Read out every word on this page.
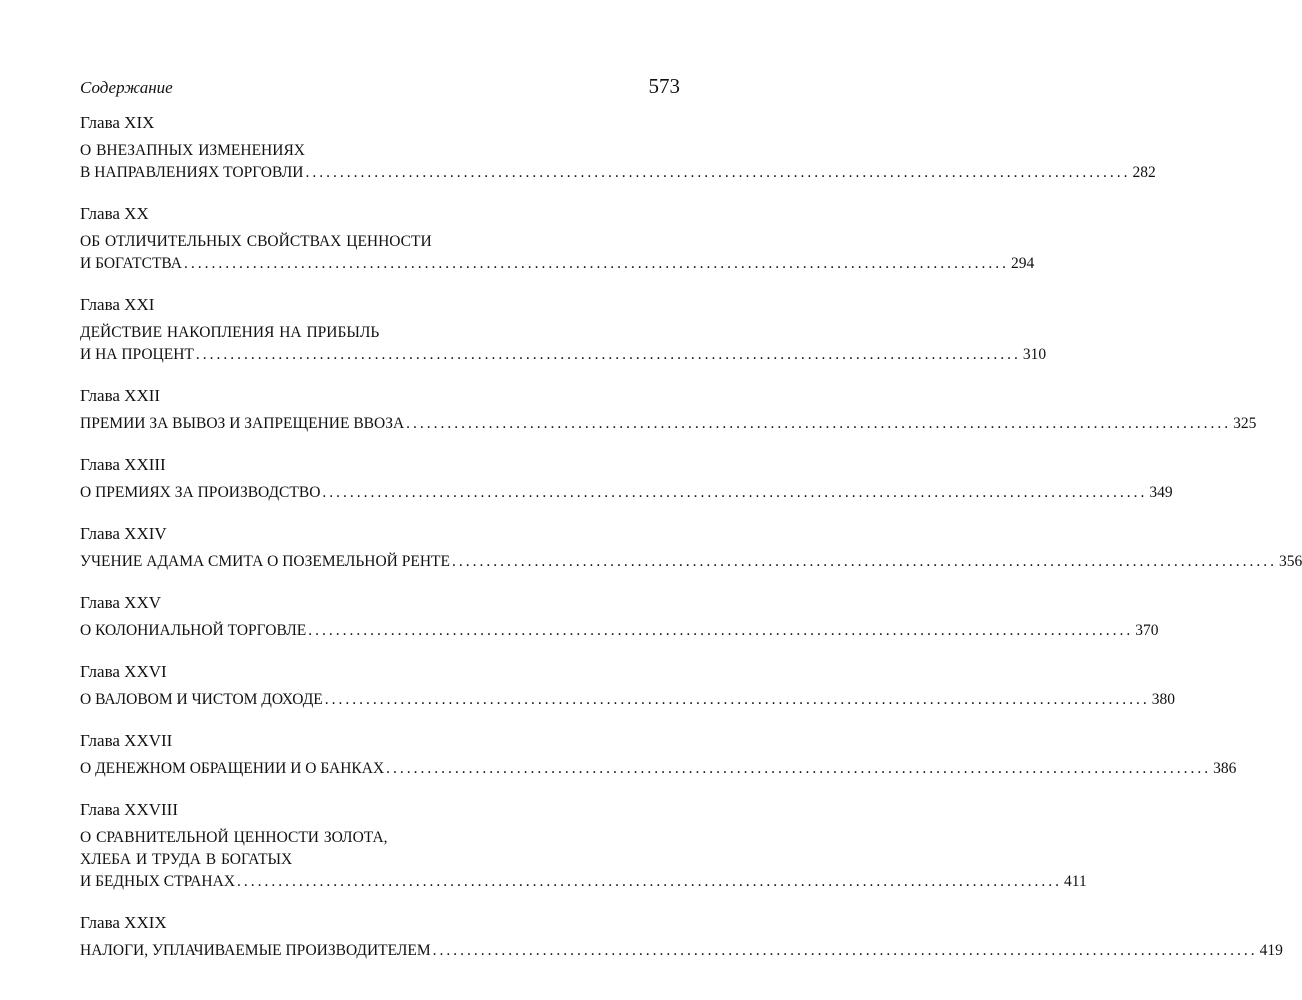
Содержание	573
Глава XIX
О ВНЕЗАПНЫХ ИЗМЕНЕНИЯХ
В НАПРАВЛЕНИЯХ ТОРГОВЛИ ........................................................................................................................ 282
Глава XX
ОБ ОТЛИЧИТЕЛЬНЫХ СВОЙСТВАХ ЦЕННОСТИ
И БОГАТСТВА ........................................................................................................................ 294
Глава XXI
ДЕЙСТВИЕ НАКОПЛЕНИЯ НА ПРИБЫЛЬ
И НА ПРОЦЕНТ ........................................................................................................................ 310
Глава XXII
ПРЕМИИ ЗА ВЫВОЗ И ЗАПРЕЩЕНИЕ ВВОЗА ........................................................................................................................ 325
Глава XXIII
О ПРЕМИЯХ ЗА ПРОИЗВОДСТВО ........................................................................................................................ 349
Глава XXIV
УЧЕНИЕ АДАМА СМИТА О ПОЗЕМЕЛЬНОЙ РЕНТЕ ........................................................................................................................ 356
Глава XXV
О КОЛОНИАЛЬНОЙ ТОРГОВЛЕ ........................................................................................................................ 370
Глава XXVI
О ВАЛОВОМ И ЧИСТОМ ДОХОДЕ ........................................................................................................................ 380
Глава XXVII
О ДЕНЕЖНОМ ОБРАЩЕНИИ И О БАНКАХ ........................................................................................................................ 386
Глава XXVIII
О СРАВНИТЕЛЬНОЙ ЦЕННОСТИ ЗОЛОТА,
ХЛЕБА И ТРУДА В БОГАТЫХ
И БЕДНЫХ СТРАНАХ ........................................................................................................................ 411
Глава XXIX
НАЛОГИ, УПЛАЧИВАЕМЫЕ ПРОИЗВОДИТЕЛЕМ ........................................................................................................................ 419
